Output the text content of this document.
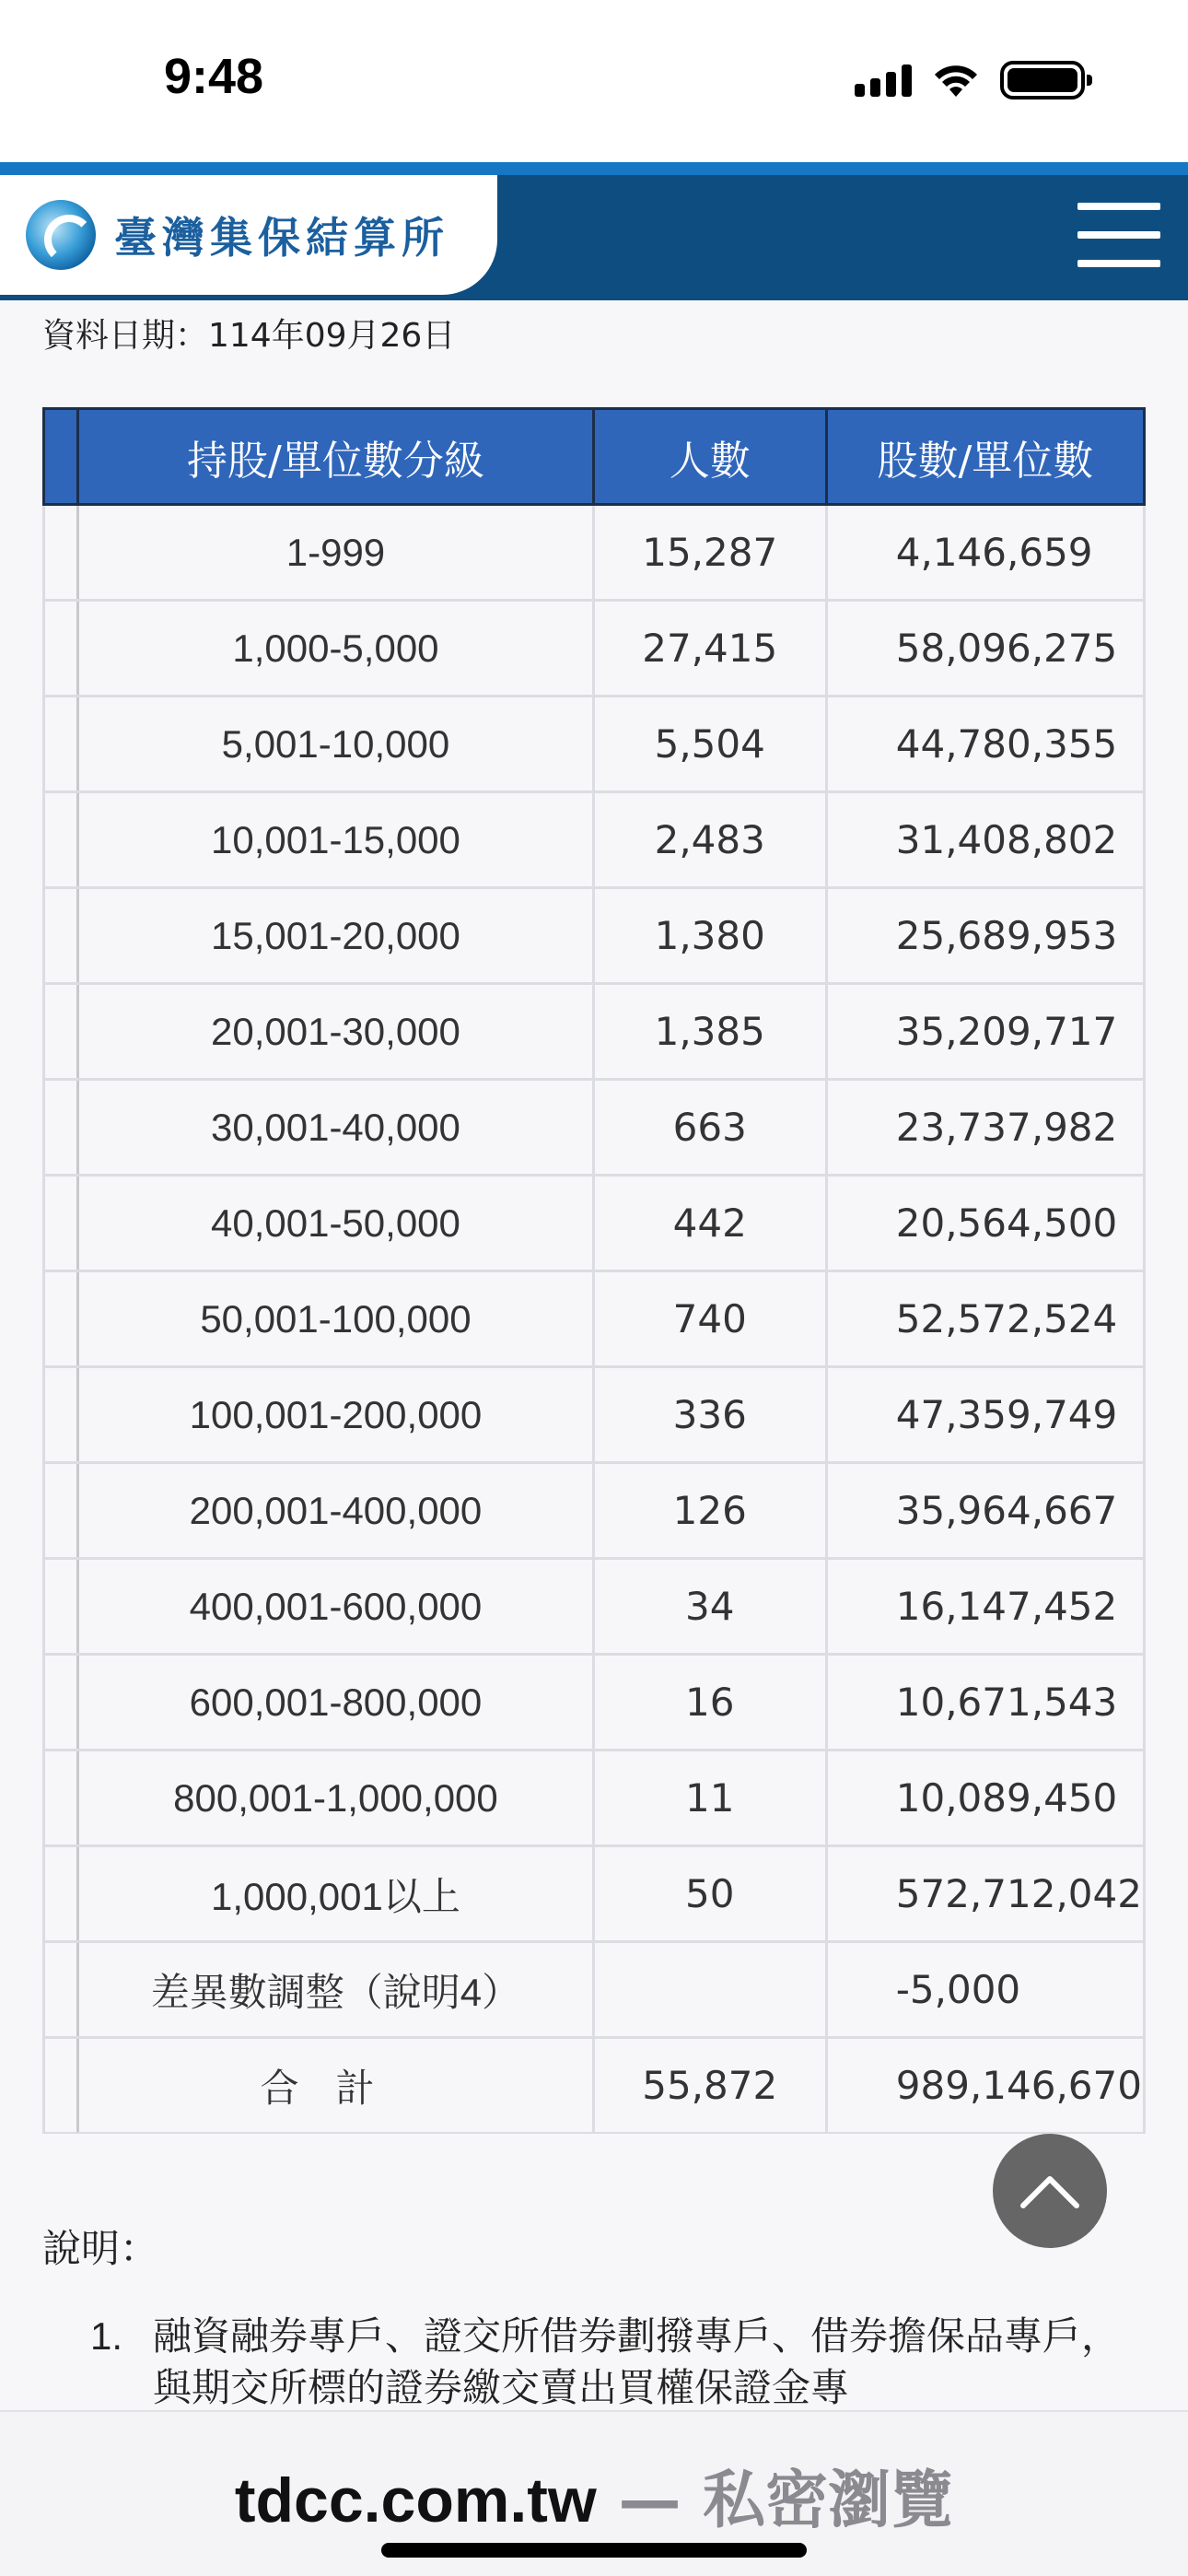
9:48
臺灣集保結算所
資料日期：114年09月26日
	持股/單位數分級	人數	股數/單位數
	1-999	15,287	4,146,659
	1,000-5,000	27,415	58,096,275
	5,001-10,000	5,504	44,780,355
	10,001-15,000	2,483	31,408,802
	15,001-20,000	1,380	25,689,953
	20,001-30,000	1,385	35,209,717
	30,001-40,000	663	23,737,982
	40,001-50,000	442	20,564,500
	50,001-100,000	740	52,572,524
	100,001-200,000	336	47,359,749
	200,001-400,000	126	35,964,667
	400,001-600,000	34	16,147,452
	600,001-800,000	16	10,671,543
	800,001-1,000,000	11	10,089,450
	1,000,001以上	50	572,712,042
	差異數調整（說明4）		-5,000
	合計	55,872	989,146,670
說明：
1. 融資融券專戶、證交所借券劃撥專戶、借券擔保品專戶，與期交所標的證券繳交賣出買權保證金專
tdcc.com.tw — 私密瀏覽
